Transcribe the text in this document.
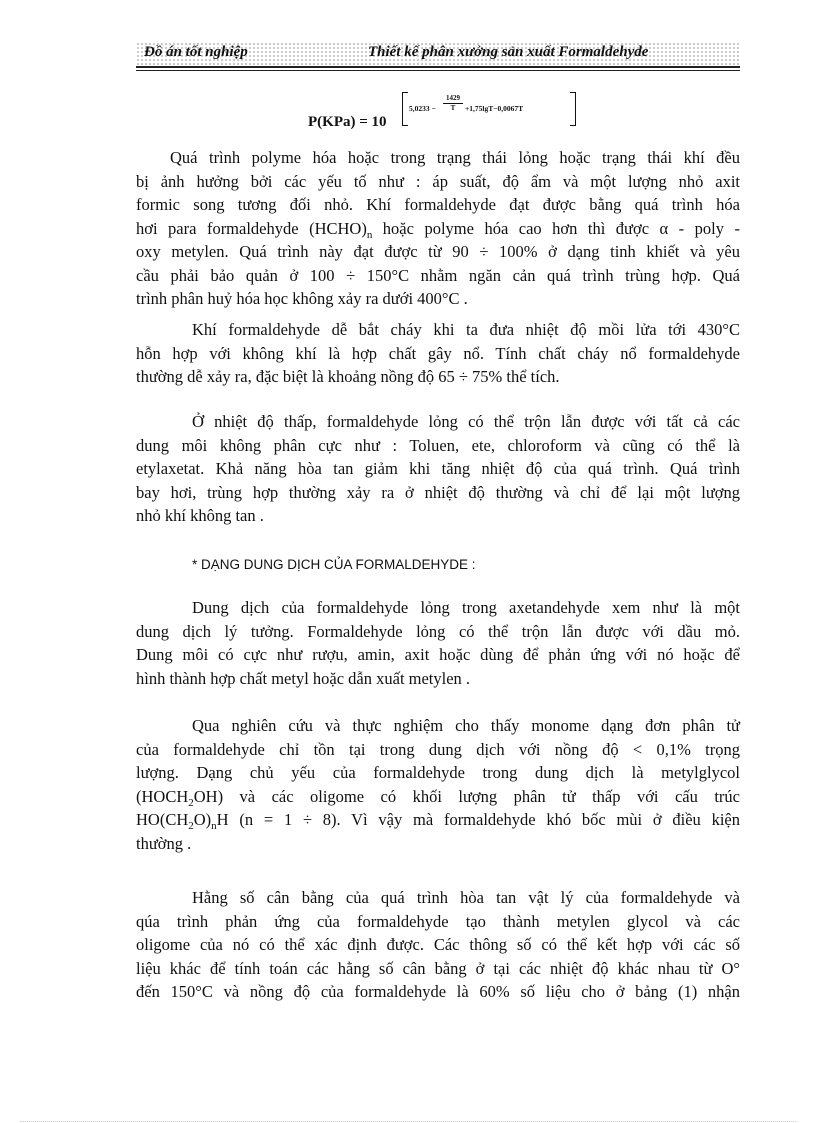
Đồ án tốt nghiệp	Thiết kế phân xưởng sản xuất Formaldehyde
P(KPa) = 10
$5,0233 - \frac{1429}{T} +1,75\lg T-0,0067T$
Quá trình polyme hóa hoặc trong trạng thái lỏng hoặc trạng thái khí đều
bị ảnh hưởng bởi các yếu tố như : áp suất, độ ẩm và một lượng nhỏ axit
formic song tương đối nhỏ. Khí formaldehyde đạt được bằng quá trình hóa
hơi para formaldehyde $(HCHO)_n$ hoặc polyme hóa cao hơn thì được α - poly -
oxy metylen. Quá trình này đạt được từ 90 ÷ 100% ở dạng tinh khiết và yêu
cầu phải bảo quản ở 100 ÷ 150°C nhằm ngăn cản quá trình trùng hợp. Quá
trình phân huỷ hóa học không xảy ra dưới 400°C .
Khí formaldehyde dễ bắt cháy khi ta đưa nhiệt độ mồi lửa tới 430°C
hỗn hợp với không khí là hợp chất gây nổ. Tính chất cháy nổ formaldehyde
thường dễ xảy ra, đặc biệt là khoảng nồng độ 65 ÷ 75% thể tích.
Ở nhiệt độ thấp, formaldehyde lỏng có thể trộn lẫn được với tất cả các
dung môi không phân cực như : Toluen, ete, chloroform và cũng có thể là
etylaxetat. Khả năng hòa tan giảm khi tăng nhiệt độ của quá trình. Quá trình
bay hơi, trùng hợp thường xảy ra ở nhiệt độ thường và chỉ để lại một lượng
nhỏ khí không tan .
* DẠNG DUNG DỊCH CỦA FORMALDEHYDE :
Dung dịch của formaldehyde lỏng trong axetandehyde xem như là một
dung dịch lý tưởng. Formaldehyde lỏng có thể trộn lẫn được với dầu mỏ.
Dung môi có cực như rượu, amin, axit hoặc dùng để phản ứng với nó hoặc để
hình thành hợp chất metyl hoặc dẫn xuất metylen .
Qua nghiên cứu và thực nghiệm cho thấy monome dạng đơn phân tử
của formaldehyde chỉ tồn tại trong dung dịch với nồng độ < 0,1% trọng
lượng. Dạng chủ yếu của formaldehyde trong dung dịch là metylglycol
$(HOCH_2OH)$ và các oligome có khối lượng phân tử thấp với cấu trúc
$HO(CH_2O)_nH$ (n = 1 ÷ 8). Vì vậy mà formaldehyde khó bốc mùi ở điều kiện
thường .
Hằng số cân bằng của quá trình hòa tan vật lý của formaldehyde và
qúa trình phản ứng của formaldehyde tạo thành metylen glycol và các
oligome của nó có thể xác định được. Các thông số có thể kết hợp với các số
liệu khác để tính toán các hằng số cân bằng ở tại các nhiệt độ khác nhau từ O°
đến 150°C và nồng độ của formaldehyde là 60% số liệu cho ở bảng (1) nhận
